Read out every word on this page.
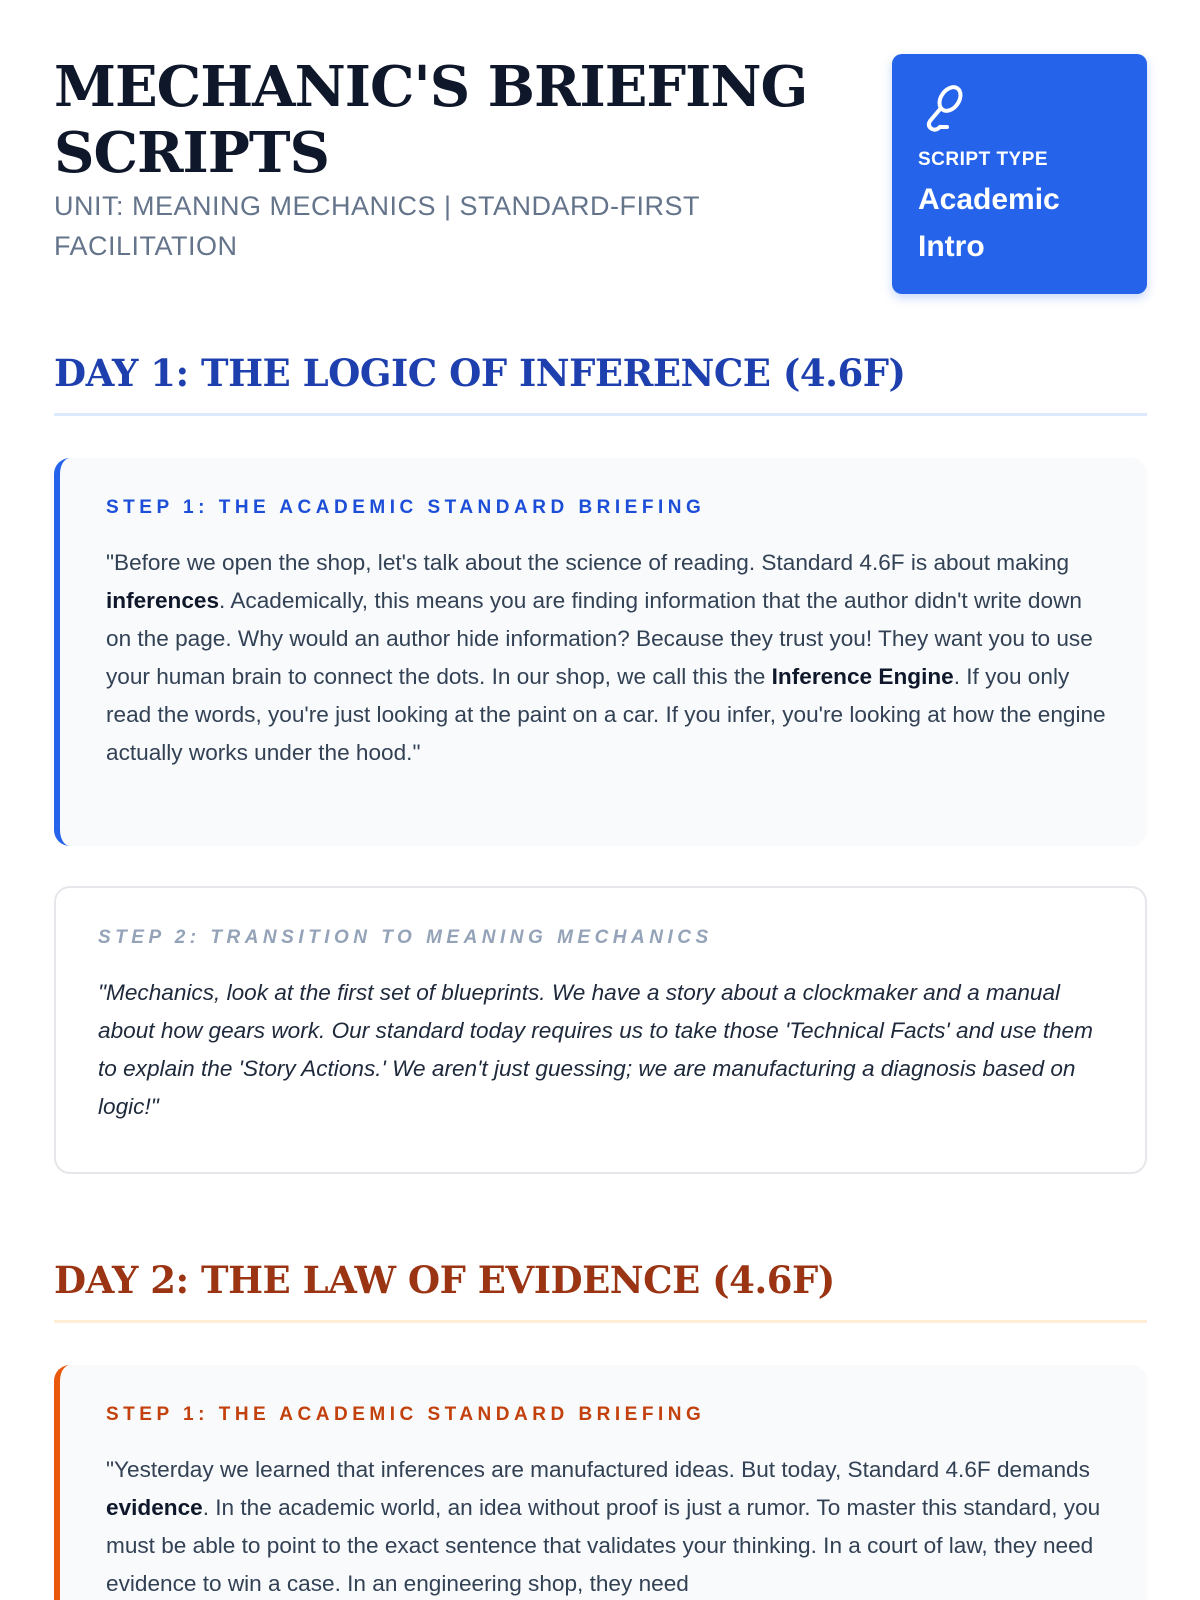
MECHANIC'S BRIEFING SCRIPTS

UNIT: MEANING MECHANICS | STANDARD-FIRST FACILITATION

SCRIPT TYPE
Academic Intro
DAY 1: THE LOGIC OF INFERENCE (4.6F)

STEP 1: THE ACADEMIC STANDARD BRIEFING

"Before we open the shop, let's talk about the science of reading. Standard 4.6F is about making inferences. Academically, this means you are finding information that the author didn't write down on the page. Why would an author hide information? Because they trust you! They want you to use your human brain to connect the dots. In our shop, we call this the Inference Engine. If you only read the words, you're just looking at the paint on a car. If you infer, you're looking at how the engine actually works under the hood."

STEP 2: TRANSITION TO MEANING MECHANICS

"Mechanics, look at the first set of blueprints. We have a story about a clockmaker and a manual about how gears work. Our standard today requires us to take those 'Technical Facts' and use them to explain the 'Story Actions.' We aren't just guessing; we are manufacturing a diagnosis based on logic!"

DAY 2: THE LAW OF EVIDENCE (4.6F)

STEP 1: THE ACADEMIC STANDARD BRIEFING

"Yesterday we learned that inferences are manufactured ideas. But today, Standard 4.6F demands evidence. In the academic world, an idea without proof is just a rumor. To master this standard, you must be able to point to the exact sentence that validates your thinking. In a court of law, they need evidence to win a case. In an engineering shop, they need
